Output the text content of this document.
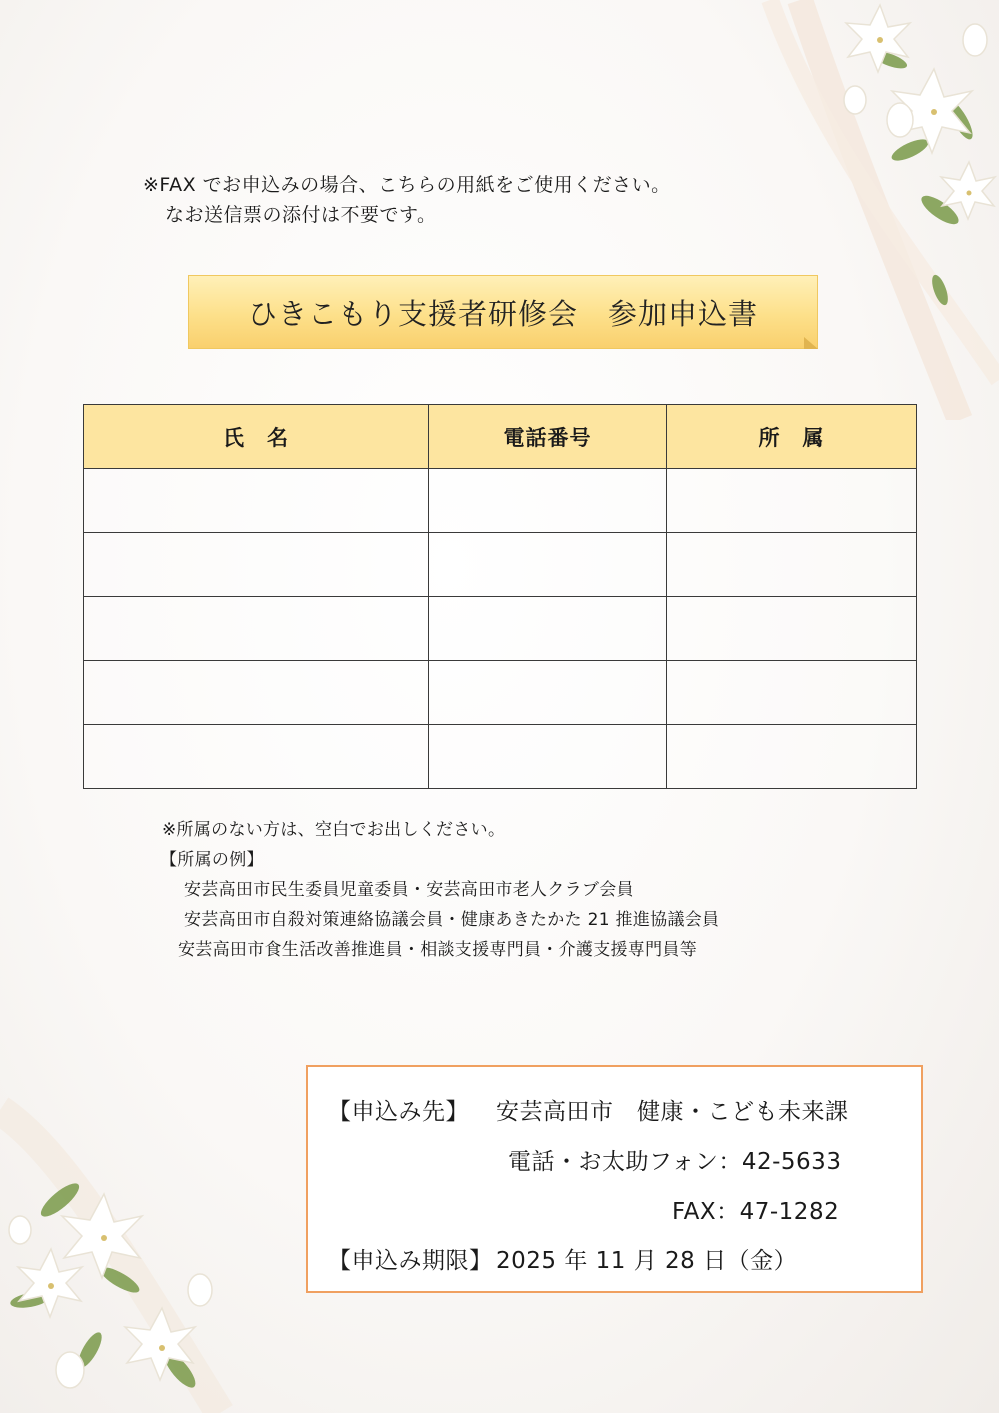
※FAX でお申込みの場合、こちらの用紙をご使用ください。
なお送信票の添付は不要です。
ひきこもり支援者研修会　参加申込書
氏　名	電話番号	所　属

※所属のない方は、空白でお出しください。
【所属の例】
安芸高田市民生委員児童委員・安芸高田市老人クラブ会員
安芸高田市自殺対策連絡協議会員・健康あきたかた 21 推進協議会員
安芸高田市食生活改善推進員・相談支援専門員・介護支援専門員等
【申込み先】 安芸高田市　健康・こども未来課
電話・お太助フォン：42-5633
FAX：47-1282
【申込み期限】 2025 年 11 月 28 日（金）
